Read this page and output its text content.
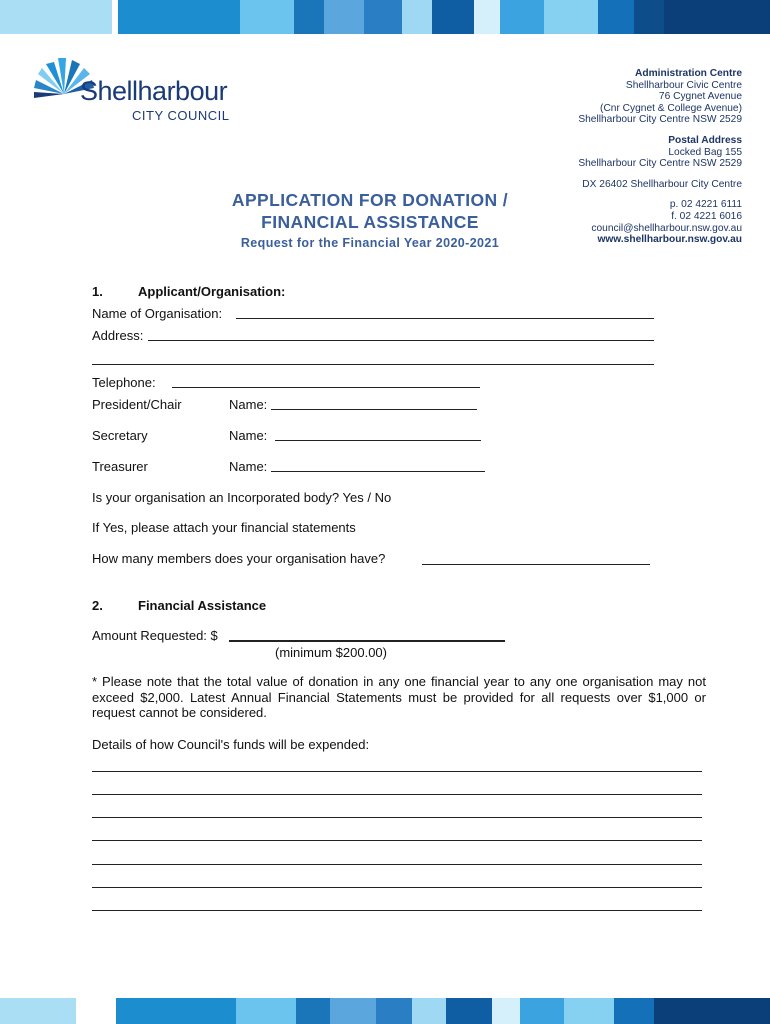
Shellharbour
CITY COUNCIL
Administration Centre
Shellharbour Civic Centre
76 Cygnet Avenue
(Cnr Cygnet & College Avenue)
Shellharbour City Centre NSW 2529
Postal Address
Locked Bag 155
Shellharbour City Centre NSW 2529
DX 26402 Shellharbour City Centre
p. 02 4221 6111
f. 02 4221 6016
council@shellharbour.nsw.gov.au
www.shellharbour.nsw.gov.au
APPLICATION FOR DONATION /
FINANCIAL ASSISTANCE
Request for the Financial Year 2020-2021
1.	Applicant/Organisation:
Name of Organisation:
Address:
Telephone:
President/Chair	Name:
Secretary	Name:
Treasurer	Name:
Is your organisation an Incorporated body? Yes / No
If Yes, please attach your financial statements
How many members does your organisation have?
2.	Financial Assistance
Amount Requested: $
(minimum $200.00)
* Please note that the total value of donation in any one financial year to any one organisation may not exceed $2,000. Latest Annual Financial Statements must be provided for all requests over $1,000 or request cannot be considered.
Details of how Council's funds will be expended:
